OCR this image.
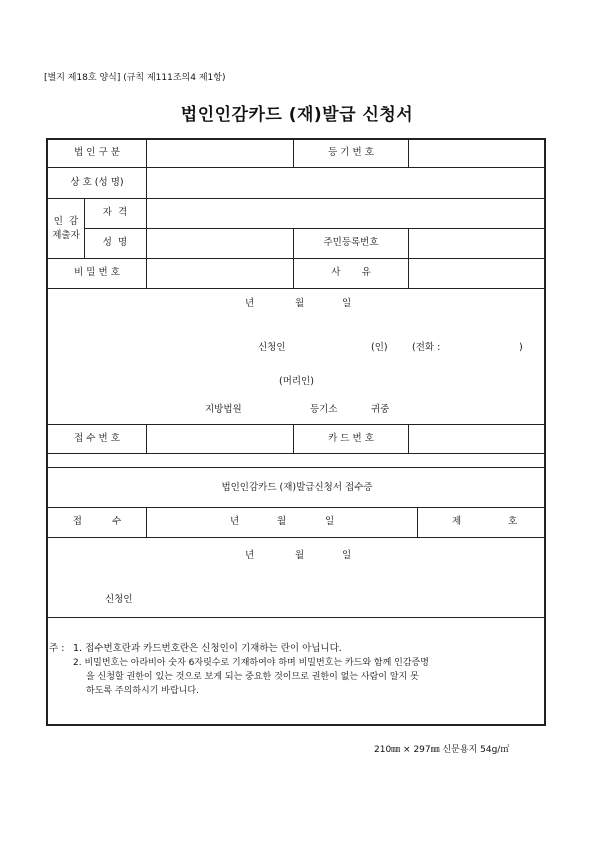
[별지 제18호 양식] (규칙 제111조의4 제1항)
법인인감카드 (재)발급 신청서
법 인 구 분	등 기 번 호
상 호 (성 명)
인  감
제출자
자  격
성  명	주민등록번호
비 밀 번 호	사       유
년	월	일
신청인	(인)	(전화 :	)
(머리인)
지방법원	등기소	귀중
접 수 번 호	카 드 번 호
법인인감카드 (재)발급신청서 접수증
접          수	년	월	일	제	호
년	월	일
신청인
주 : 1. 접수번호란과 카드번호란은 신청인이 기재하는 란이 아닙니다.
2. 비밀번호는 아라비아 숫자 6자릿수로 기재하여야 하며 비밀번호는 카드와 함께 인감증명
을 신청할 권한이 있는 것으로 보게 되는 중요한 것이므로 권한이 없는 사람이 알지 못
하도록 주의하시기 바랍니다.
210㎜ × 297㎜ 신문용지 54g/㎡
